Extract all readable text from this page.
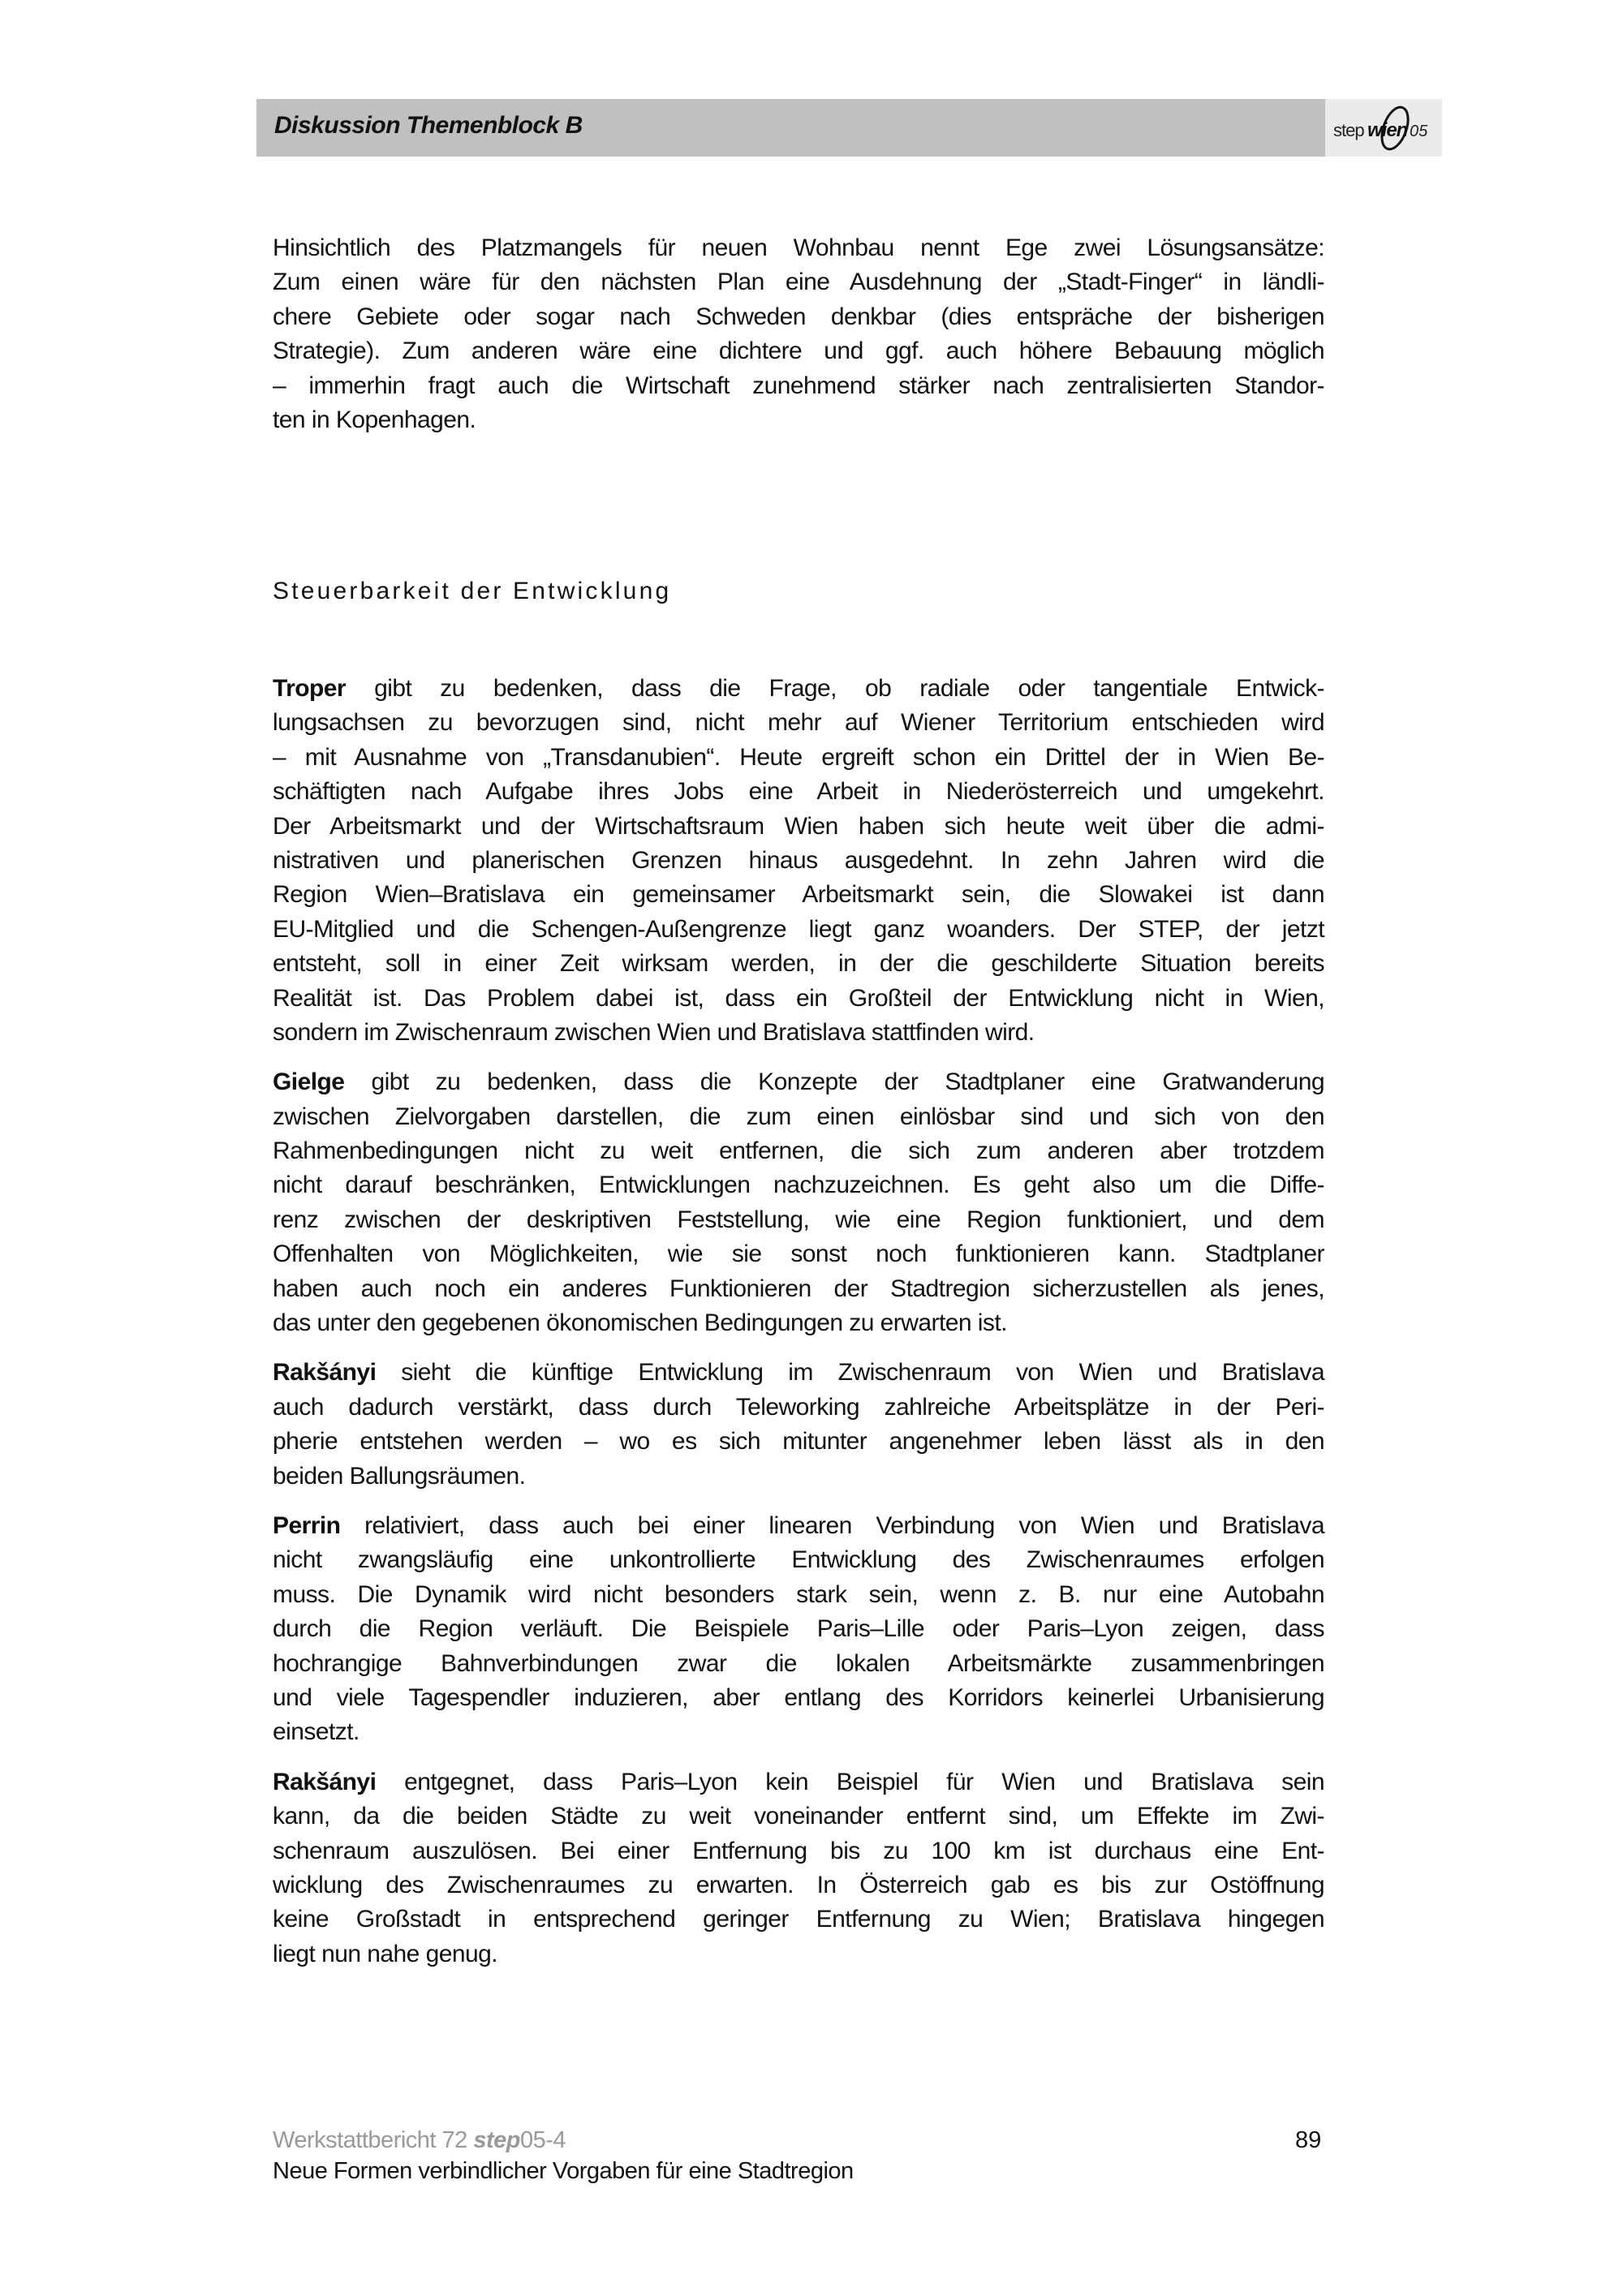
Diskussion Themenblock B	step wien 05
Hinsichtlich des Platzmangels für neuen Wohnbau nennt Ege zwei Lösungsansätze:
Zum einen wäre für den nächsten Plan eine Ausdehnung der „Stadt-Finger“ in ländli-
chere Gebiete oder sogar nach Schweden denkbar (dies entspräche der bisherigen
Strategie). Zum anderen wäre eine dichtere und ggf. auch höhere Bebauung möglich
– immerhin fragt auch die Wirtschaft zunehmend stärker nach zentralisierten Standor-
ten in Kopenhagen.
Steuerbarkeit der Entwicklung
Troper gibt zu bedenken, dass die Frage, ob radiale oder tangentiale Entwick-
lungsachsen zu bevorzugen sind, nicht mehr auf Wiener Territorium entschieden wird
– mit Ausnahme von „Transdanubien“. Heute ergreift schon ein Drittel der in Wien Be-
schäftigten nach Aufgabe ihres Jobs eine Arbeit in Niederösterreich und umgekehrt.
Der Arbeitsmarkt und der Wirtschaftsraum Wien haben sich heute weit über die admi-
nistrativen und planerischen Grenzen hinaus ausgedehnt. In zehn Jahren wird die
Region Wien–Bratislava ein gemeinsamer Arbeitsmarkt sein, die Slowakei ist dann
EU-Mitglied und die Schengen-Außengrenze liegt ganz woanders. Der STEP, der jetzt
entsteht, soll in einer Zeit wirksam werden, in der die geschilderte Situation bereits
Realität ist. Das Problem dabei ist, dass ein Großteil der Entwicklung nicht in Wien,
sondern im Zwischenraum zwischen Wien und Bratislava stattfinden wird.
Gielge gibt zu bedenken, dass die Konzepte der Stadtplaner eine Gratwanderung
zwischen Zielvorgaben darstellen, die zum einen einlösbar sind und sich von den
Rahmenbedingungen nicht zu weit entfernen, die sich zum anderen aber trotzdem
nicht darauf beschränken, Entwicklungen nachzuzeichnen. Es geht also um die Diffe-
renz zwischen der deskriptiven Feststellung, wie eine Region funktioniert, und dem
Offenhalten von Möglichkeiten, wie sie sonst noch funktionieren kann. Stadtplaner
haben auch noch ein anderes Funktionieren der Stadtregion sicherzustellen als jenes,
das unter den gegebenen ökonomischen Bedingungen zu erwarten ist.
Rakšányi sieht die künftige Entwicklung im Zwischenraum von Wien und Bratislava
auch dadurch verstärkt, dass durch Teleworking zahlreiche Arbeitsplätze in der Peri-
pherie entstehen werden – wo es sich mitunter angenehmer leben lässt als in den
beiden Ballungsräumen.
Perrin relativiert, dass auch bei einer linearen Verbindung von Wien und Bratislava
nicht zwangsläufig eine unkontrollierte Entwicklung des Zwischenraumes erfolgen
muss. Die Dynamik wird nicht besonders stark sein, wenn z. B. nur eine Autobahn
durch die Region verläuft. Die Beispiele Paris–Lille oder Paris–Lyon zeigen, dass
hochrangige Bahnverbindungen zwar die lokalen Arbeitsmärkte zusammenbringen
und viele Tagespendler induzieren, aber entlang des Korridors keinerlei Urbanisierung
einsetzt.
Rakšányi entgegnet, dass Paris–Lyon kein Beispiel für Wien und Bratislava sein
kann, da die beiden Städte zu weit voneinander entfernt sind, um Effekte im Zwi-
schenraum auszulösen. Bei einer Entfernung bis zu 100 km ist durchaus eine Ent-
wicklung des Zwischenraumes zu erwarten. In Österreich gab es bis zur Ostöffnung
keine Großstadt in entsprechend geringer Entfernung zu Wien; Bratislava hingegen
liegt nun nahe genug.
Werkstattbericht 72 step05-4	89
Neue Formen verbindlicher Vorgaben für eine Stadtregion
